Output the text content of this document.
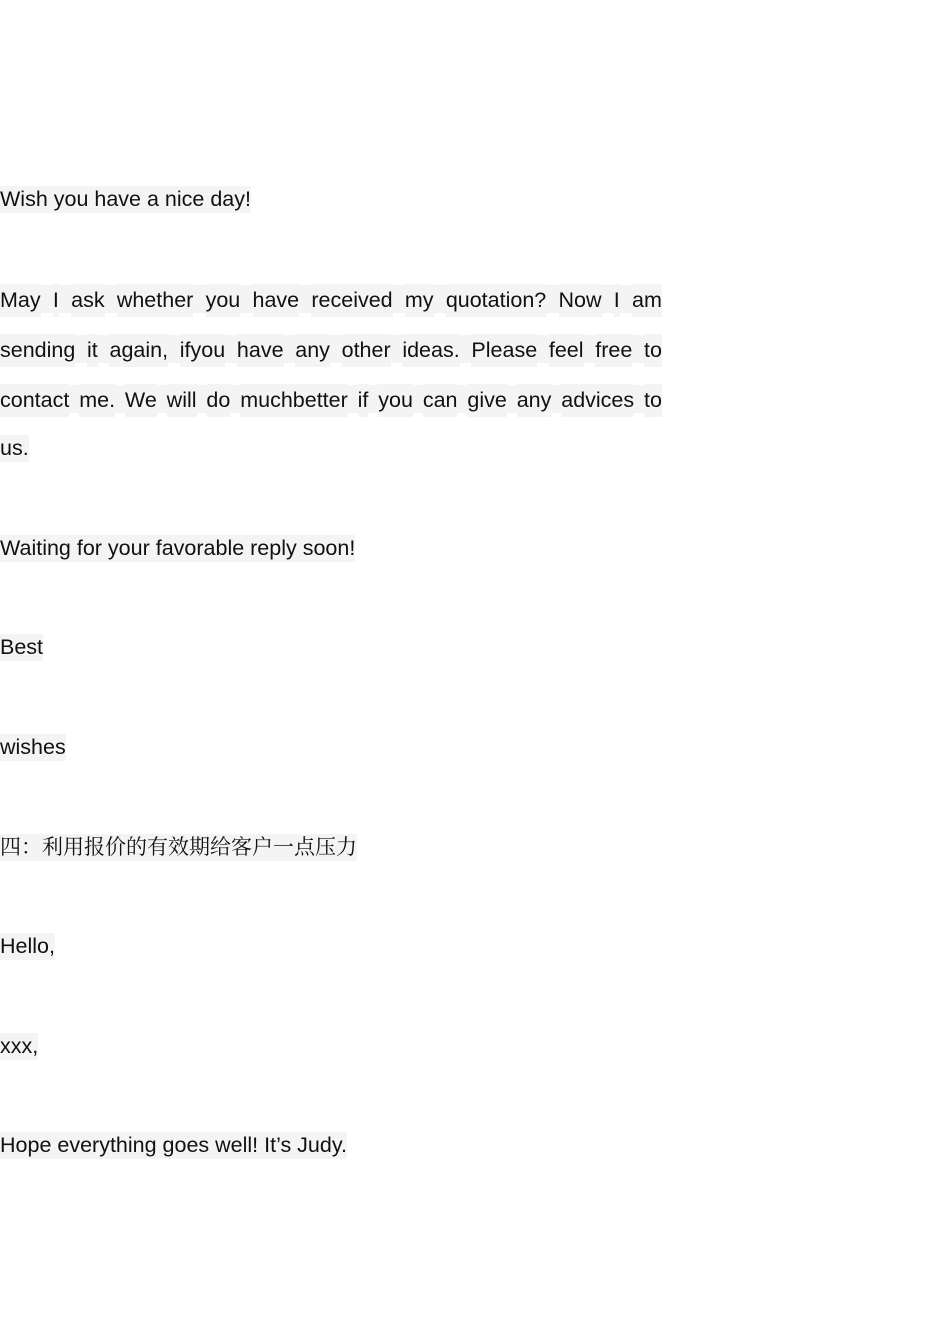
Wish you have a nice day!
May I ask whether you have received my quotation? Now I am
sending it again, ifyou have any other ideas. Please feel free to
contact me. We will do muchbetter if you can give any advices to
us.
Waiting for your favorable reply soon!
Best
wishes
四：利用报价的有效期给客户一点压力
Hello,
xxx,
Hope everything goes well! It’s Judy.
